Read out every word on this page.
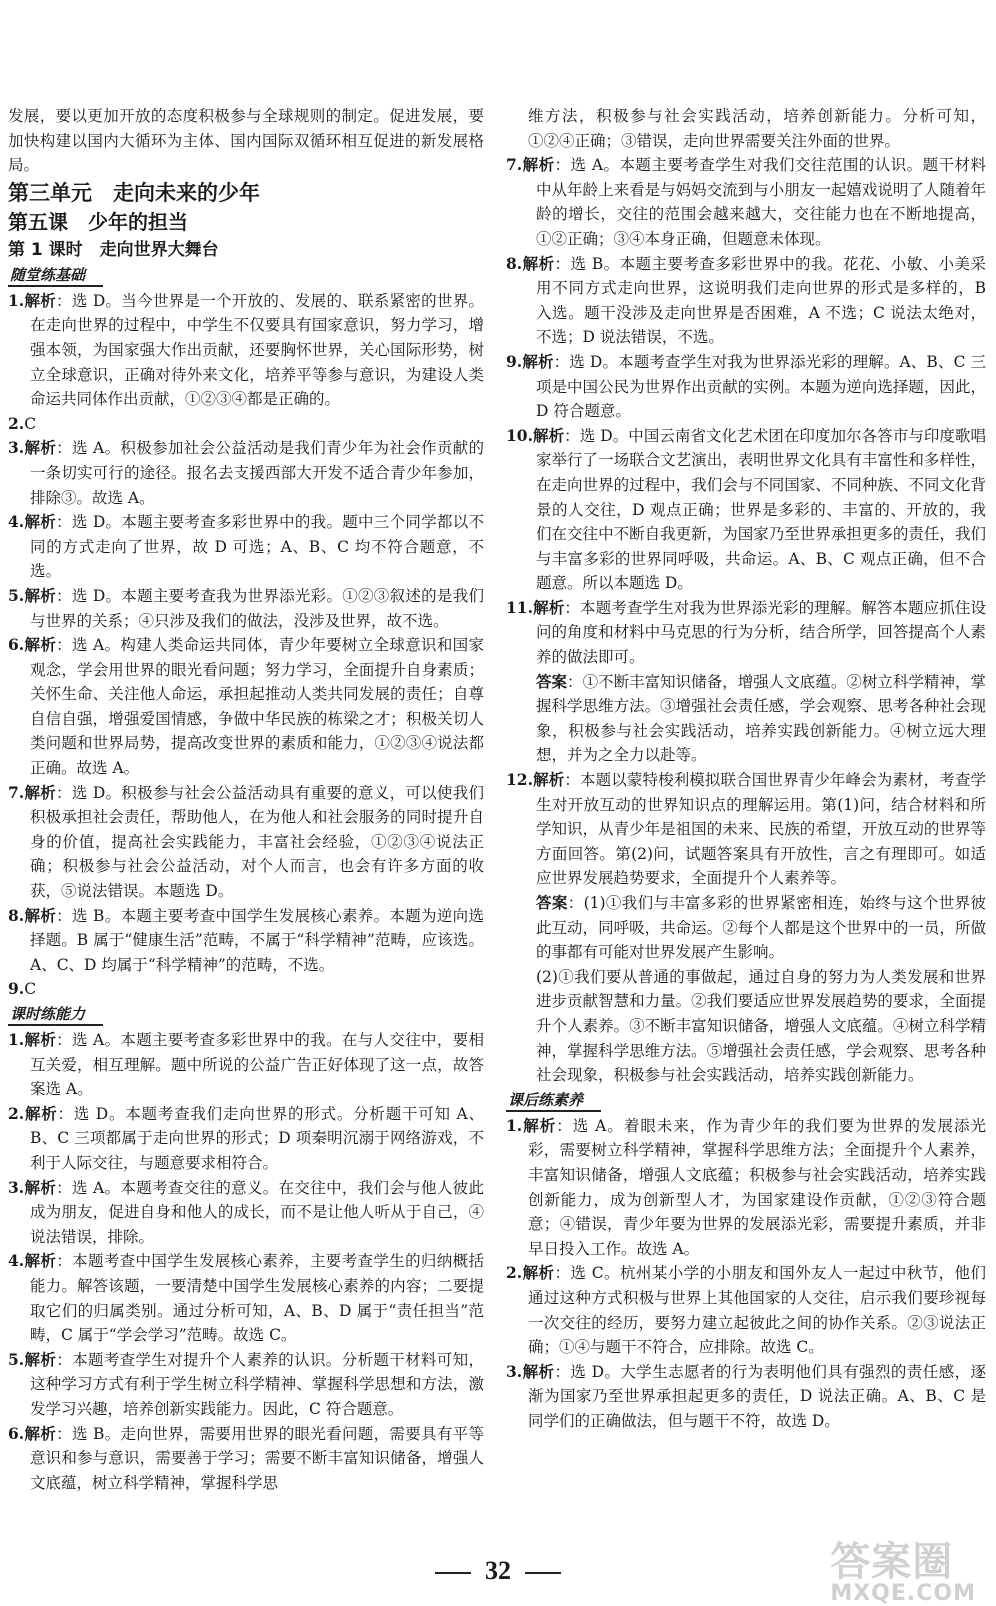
发展，要以更加开放的态度积极参与全球规则的制定。促进发展，要加快构建以国内大循环为主体、国内国际双循环相互促进的新发展格局。

第三单元　走向未来的少年

第五课　少年的担当

第 1 课时　走向世界大舞台

随堂练基础

1.解析：选 D。当今世界是一个开放的、发展的、联系紧密的世界。在走向世界的过程中，中学生不仅要具有国家意识，努力学习，增强本领，为国家强大作出贡献，还要胸怀世界，关心国际形势，树立全球意识，正确对待外来文化，培养平等参与意识，为建设人类命运共同体作出贡献，①②③④都是正确的。

2.C

3.解析：选 A。积极参加社会公益活动是我们青少年为社会作贡献的一条切实可行的途径。报名去支援西部大开发不适合青少年参加，排除③。故选 A。

4.解析：选 D。本题主要考查多彩世界中的我。题中三个同学都以不同的方式走向了世界，故 D 可选；A、B、C 均不符合题意，不选。

5.解析：选 D。本题主要考查我为世界添光彩。①②③叙述的是我们与世界的关系；④只涉及我们的做法，没涉及世界，故不选。

6.解析：选 A。构建人类命运共同体，青少年要树立全球意识和国家观念，学会用世界的眼光看问题；努力学习，全面提升自身素质；关怀生命、关注他人命运，承担起推动人类共同发展的责任；自尊自信自强，增强爱国情感，争做中华民族的栋梁之才；积极关切人类问题和世界局势，提高改变世界的素质和能力，①②③④说法都正确。故选 A。

7.解析：选 D。积极参与社会公益活动具有重要的意义，可以使我们积极承担社会责任，帮助他人，在为他人和社会服务的同时提升自身的价值，提高社会实践能力，丰富社会经验，①②③④说法正确；积极参与社会公益活动，对个人而言，也会有许多方面的收获，⑤说法错误。本题选 D。

8.解析：选 B。本题主要考查中国学生发展核心素养。本题为逆向选择题。B 属于“健康生活”范畴，不属于“科学精神”范畴，应该选。A、C、D 均属于“科学精神”的范畴，不选。

9.C

课时练能力

1.解析：选 A。本题主要考查多彩世界中的我。在与人交往中，要相互关爱，相互理解。题中所说的公益广告正好体现了这一点，故答案选 A。

2.解析：选 D。本题考查我们走向世界的形式。分析题干可知 A、B、C 三项都属于走向世界的形式；D 项秦明沉溺于网络游戏，不利于人际交往，与题意要求相符合。

3.解析：选 A。本题考查交往的意义。在交往中，我们会与他人彼此成为朋友，促进自身和他人的成长，而不是让他人听从于自己，④说法错误，排除。

4.解析：本题考查中国学生发展核心素养，主要考查学生的归纳概括能力。解答该题，一要清楚中国学生发展核心素养的内容；二要提取它们的归属类别。通过分析可知，A、B、D 属于“责任担当”范畴，C 属于“学会学习”范畴。故选 C。

5.解析：本题考查学生对提升个人素养的认识。分析题干材料可知，这种学习方式有利于学生树立科学精神、掌握科学思想和方法，激发学习兴趣，培养创新实践能力。因此，C 符合题意。

6.解析：选 B。走向世界，需要用世界的眼光看问题，需要具有平等意识和参与意识，需要善于学习；需要不断丰富知识储备，增强人文底蕴，树立科学精神，掌握科学思

维方法，积极参与社会实践活动，培养创新能力。分析可知，①②④正确；③错误，走向世界需要关注外面的世界。

7.解析：选 A。本题主要考查学生对我们交往范围的认识。题干材料中从年龄上来看是与妈妈交流到与小朋友一起嬉戏说明了人随着年龄的增长，交往的范围会越来越大，交往能力也在不断地提高，①②正确；③④本身正确，但题意未体现。

8.解析：选 B。本题主要考查多彩世界中的我。花花、小敏、小美采用不同方式走向世界，这说明我们走向世界的形式是多样的，B 入选。题干没涉及走向世界是否困难，A 不选；C 说法太绝对，不选；D 说法错误，不选。

9.解析：选 D。本题考查学生对我为世界添光彩的理解。A、B、C 三项是中国公民为世界作出贡献的实例。本题为逆向选择题，因此，D 符合题意。

10.解析：选 D。中国云南省文化艺术团在印度加尔各答市与印度歌唱家举行了一场联合文艺演出，表明世界文化具有丰富性和多样性，在走向世界的过程中，我们会与不同国家、不同种族、不同文化背景的人交往，D 观点正确；世界是多彩的、丰富的、开放的，我们在交往中不断自我更新，为国家乃至世界承担更多的责任，我们与丰富多彩的世界同呼吸，共命运。A、B、C 观点正确，但不合题意。所以本题选 D。

11.解析：本题考查学生对我为世界添光彩的理解。解答本题应抓住设问的角度和材料中马克思的行为分析，结合所学，回答提高个人素养的做法即可。

答案：①不断丰富知识储备，增强人文底蕴。②树立科学精神，掌握科学思维方法。③增强社会责任感，学会观察、思考各种社会现象，积极参与社会实践活动，培养实践创新能力。④树立远大理想，并为之全力以赴等。

12.解析：本题以蒙特梭利模拟联合国世界青少年峰会为素材，考查学生对开放互动的世界知识点的理解运用。第(1)问，结合材料和所学知识，从青少年是祖国的未来、民族的希望，开放互动的世界等方面回答。第(2)问，试题答案具有开放性，言之有理即可。如适应世界发展趋势要求，全面提升个人素养等。

答案：(1)①我们与丰富多彩的世界紧密相连，始终与这个世界彼此互动，同呼吸，共命运。②每个人都是这个世界中的一员，所做的事都有可能对世界发展产生影响。

(2)①我们要从普通的事做起，通过自身的努力为人类发展和世界进步贡献智慧和力量。②我们要适应世界发展趋势的要求，全面提升个人素养。③不断丰富知识储备，增强人文底蕴。④树立科学精神，掌握科学思维方法。⑤增强社会责任感，学会观察、思考各种社会现象，积极参与社会实践活动，培养实践创新能力。

课后练素养

1.解析：选 A。着眼未来，作为青少年的我们要为世界的发展添光彩，需要树立科学精神，掌握科学思维方法；全面提升个人素养，丰富知识储备，增强人文底蕴；积极参与社会实践活动，培养实践创新能力，成为创新型人才，为国家建设作贡献，①②③符合题意；④错误，青少年要为世界的发展添光彩，需要提升素质，并非早日投入工作。故选 A。

2.解析：选 C。杭州某小学的小朋友和国外友人一起过中秋节，他们通过这种方式积极与世界上其他国家的人交往，启示我们要珍视每一次交往的经历，要努力建立起彼此之间的协作关系。②③说法正确；①④与题干不符合，应排除。故选 C。

3.解析：选 D。大学生志愿者的行为表明他们具有强烈的责任感，逐渐为国家乃至世界承担起更多的责任，D 说法正确。A、B、C 是同学们的正确做法，但与题干不符，故选 D。

32	答案圈
MXQE.COM
